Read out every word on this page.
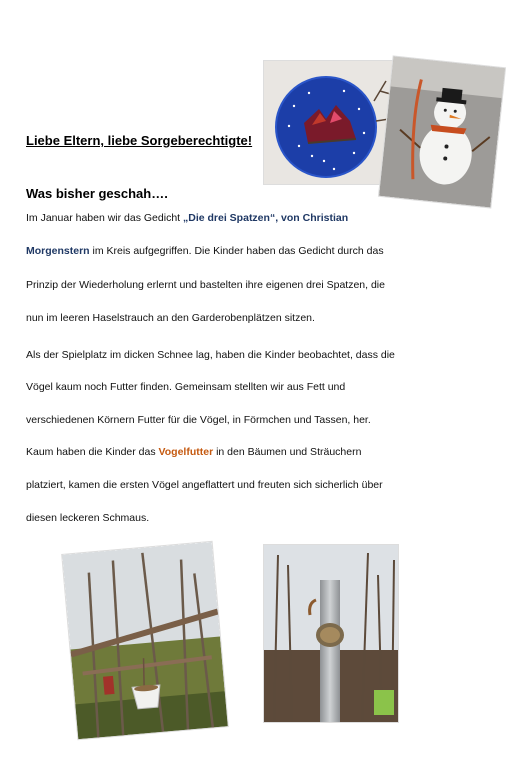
Liebe Eltern, liebe Sorgeberechtigte!
Was bisher geschah….
Im Januar haben wir das Gedicht „Die drei Spatzen“, von Christian
Morgenstern im Kreis aufgegriffen. Die Kinder haben das Gedicht durch das
Prinzip der Wiederholung erlernt und bastelten ihre eigenen drei Spatzen, die
nun im leeren Haselstrauch an den Garderobenplätzen sitzen.
Als der Spielplatz im dicken Schnee lag, haben die Kinder beobachtet, dass die
Vögel kaum noch Futter finden. Gemeinsam stellten wir aus Fett und
verschiedenen Körnern Futter für die Vögel, in Förmchen und Tassen, her.
Kaum haben die Kinder das Vogelfutter in den Bäumen und Sträuchern
platziert, kamen die ersten Vögel angeflattert und freuten sich sicherlich über
diesen leckeren Schmaus.
